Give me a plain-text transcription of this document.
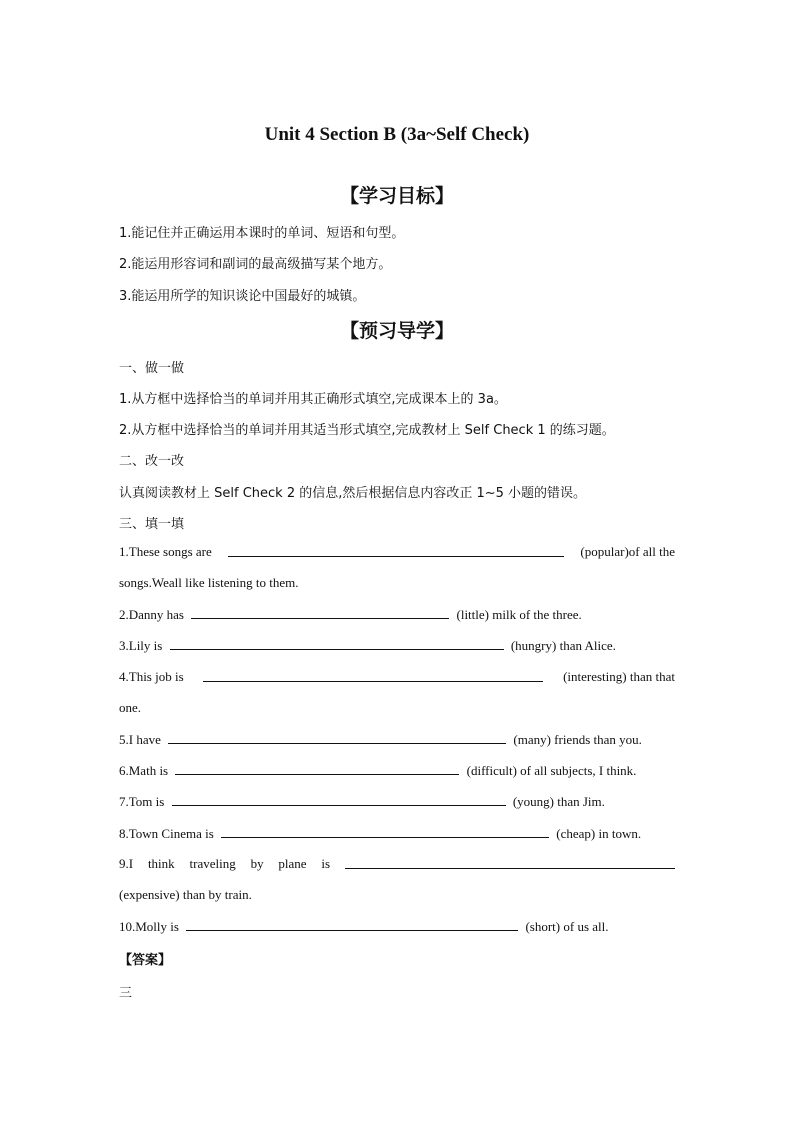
Unit 4 Section B (3a~Self Check)
【学习目标】
1.能记住并正确运用本课时的单词、短语和句型。
2.能运用形容词和副词的最高级描写某个地方。
3.能运用所学的知识谈论中国最好的城镇。
【预习导学】
一、做一做
1.从方框中选择恰当的单词并用其正确形式填空,完成课本上的 3a。
2.从方框中选择恰当的单词并用其适当形式填空,完成教材上 Self Check 1 的练习题。
二、改一改
认真阅读教材上 Self Check 2 的信息,然后根据信息内容改正 1~5 小题的错误。
三、填一填
1.These songs are	(popular)of all the
songs.Weall like listening to them.
2.Danny has	(little) milk of the three.
3.Lily is	(hungry) than Alice.
4.This job is	(interesting) than that
one.
5.I have	(many) friends than you.
6.Math is	(difficult) of all subjects, I think.
7.Tom is	(young) than Jim.
8.Town Cinema is	(cheap) in town.
9.I think traveling by plane is
(expensive) than by train.
10.Molly is	(short) of us all.
【答案】
三
